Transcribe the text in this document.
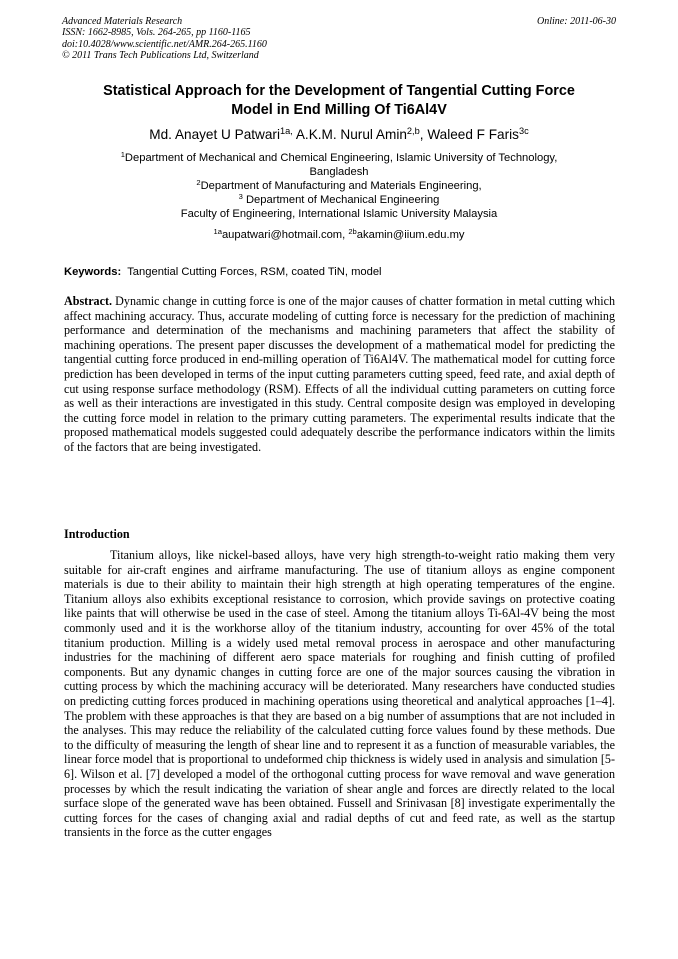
Advanced Materials Research
ISSN: 1662-8985, Vols. 264-265, pp 1160-1165
doi:10.4028/www.scientific.net/AMR.264-265.1160
© 2011 Trans Tech Publications Ltd, Switzerland
Online: 2011-06-30
Statistical Approach for the Development of Tangential Cutting Force
Model in End Milling Of Ti6Al4V
Md. Anayet U Patwari$^{1a,}$ A.K.M. Nurul Amin$^{2,b}$, Waleed F Faris$^{3c}$
$^1$Department of Mechanical and Chemical Engineering, Islamic University of Technology,
Bangladesh
$^2$Department of Manufacturing and Materials Engineering,
$^3$ Department of Mechanical Engineering
Faculty of Engineering, International Islamic University Malaysia
$^{1a}$aupatwari@hotmail.com, $^{2b}$akamin@iium.edu.my
Keywords: Tangential Cutting Forces, RSM, coated TiN, model
Abstract. Dynamic change in cutting force is one of the major causes of chatter formation in metal cutting which affect machining accuracy. Thus, accurate modeling of cutting force is necessary for the prediction of machining performance and determination of the mechanisms and machining parameters that affect the stability of machining operations. The present paper discusses the development of a mathematical model for predicting the tangential cutting force produced in end-milling operation of Ti6Al4V. The mathematical model for cutting force prediction has been developed in terms of the input cutting parameters cutting speed, feed rate, and axial depth of cut using response surface methodology (RSM). Effects of all the individual cutting parameters on cutting force as well as their interactions are investigated in this study. Central composite design was employed in developing the cutting force model in relation to the primary cutting parameters. The experimental results indicate that the proposed mathematical models suggested could adequately describe the performance indicators within the limits of the factors that are being investigated.
Introduction
Titanium alloys, like nickel-based alloys, have very high strength-to-weight ratio making them very suitable for air-craft engines and airframe manufacturing. The use of titanium alloys as engine component materials is due to their ability to maintain their high strength at high operating temperatures of the engine. Titanium alloys also exhibits exceptional resistance to corrosion, which provide savings on protective coating like paints that will otherwise be used in the case of steel. Among the titanium alloys Ti-6Al-4V being the most commonly used and it is the workhorse alloy of the titanium industry, accounting for over 45% of the total titanium production. Milling is a widely used metal removal process in aerospace and other manufacturing industries for the machining of different aero space materials for roughing and finish cutting of profiled components. But any dynamic changes in cutting force are one of the major sources causing the vibration in cutting process by which the machining accuracy will be deteriorated. Many researchers have conducted studies on predicting cutting forces produced in machining operations using theoretical and analytical approaches [1–4]. The problem with these approaches is that they are based on a big number of assumptions that are not included in the analyses. This may reduce the reliability of the calculated cutting force values found by these methods. Due to the difficulty of measuring the length of shear line and to represent it as a function of measurable variables, the linear force model that is proportional to undeformed chip thickness is widely used in analysis and simulation [5-6]. Wilson et al. [7] developed a model of the orthogonal cutting process for wave removal and wave generation processes by which the result indicating the variation of shear angle and forces are directly related to the local surface slope of the generated wave has been obtained. Fussell and Srinivasan [8] investigate experimentally the cutting forces for the cases of changing axial and radial depths of cut and feed rate, as well as the startup transients in the force as the cutter engages
